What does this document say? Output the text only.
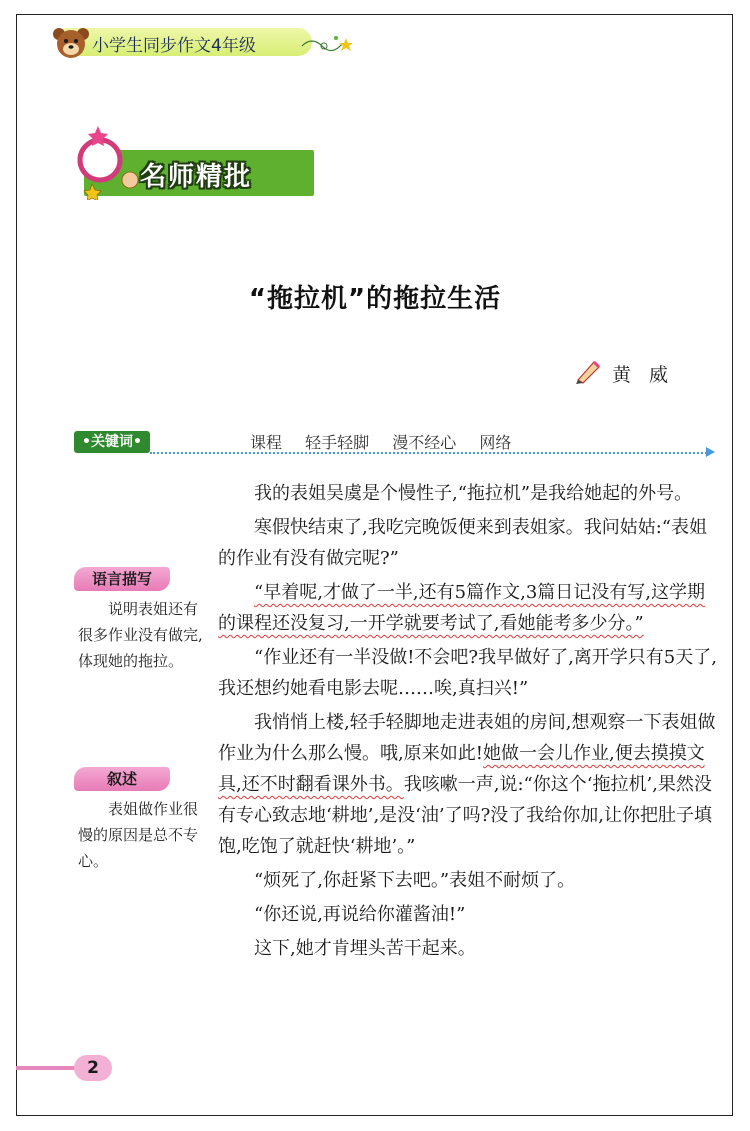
小学生同步作文4年级
名师精批
“拖拉机”的拖拉生活
黄威
•关键词•	课程 轻手轻脚 漫不经心 网络
语言描写
说明表姐还有很多作业没有做完,体现她的拖拉。
叙述
表姐做作业很慢的原因是总不专心。

我的表姐吴虞是个慢性子,“拖拉机”是我给她起的外号。

寒假快结束了,我吃完晚饭便来到表姐家。我问姑姑:“表姐的作业有没有做完呢?”

“早着呢,才做了一半,还有5篇作文,3篇日记没有写,这学期的课程还没复习,一开学就要考试了,看她能考多少分。”

“作业还有一半没做!不会吧?我早做好了,离开学只有5天了,我还想约她看电影去呢……唉,真扫兴!”

我悄悄上楼,轻手轻脚地走进表姐的房间,想观察一下表姐做作业为什么那么慢。哦,原来如此!她做一会儿作业,便去摸摸文具,还不时翻看课外书。我咳嗽一声,说:“你这个‘拖拉机’,果然没有专心致志地‘耕地’,是没‘油’了吗?没了我给你加,让你把肚子填饱,吃饱了就赶快‘耕地’。”

“烦死了,你赶紧下去吧。”表姐不耐烦了。

“你还说,再说给你灌酱油!”

这下,她才肯埋头苦干起来。

2
